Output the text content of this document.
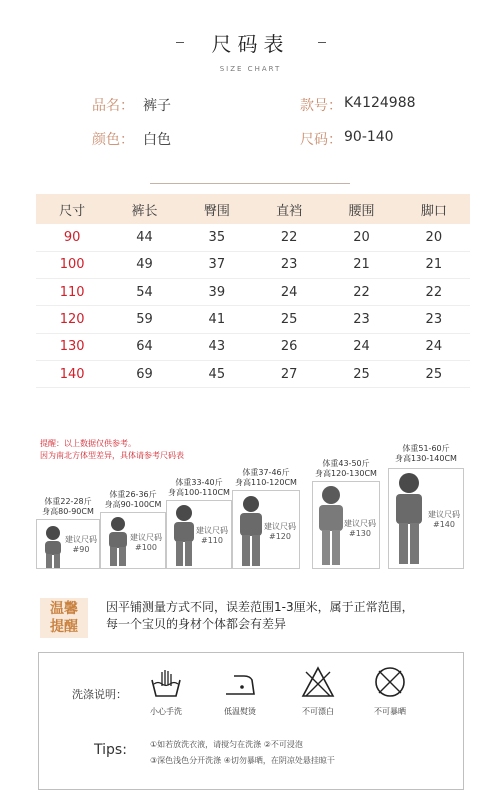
尺码表
SIZE CHART
品名： 裤子	款号： K4124988
颜色： 白色	尺码： 90-140
尺寸	裤长	臀围	直裆	腰围	脚口
90	44	35	22	20	20
100	49	37	23	21	21
110	54	39	24	22	22
120	59	41	25	23	23
130	64	43	26	24	24
140	69	45	27	25	25
提醒：以上数据仅供参考。
因为南北方体型差异，具体请参考尺码表
体重22-28斤
身高80-90CM
建议尺码
#90
体重26-36斤
身高90-100CM
建议尺码
#100
体重33-40斤
身高100-110CM
建议尺码
#110
体重37-46斤
身高110-120CM
建议尺码
#120
体重43-50斤
身高120-130CM
建议尺码
#130
体重51-60斤
身高130-140CM
建议尺码
#140
温馨
提醒
因平铺测量方式不同，误差范围1-3厘米，属于正常范围，
每一个宝贝的身材个体都会有差异
洗涤说明：
小心手洗	低温熨烫	不可漂白	不可暴晒
Tips:	①如若放洗衣液，请搅匀在洗涤 ②不可浸泡
③深色浅色分开洗涤 ④切勿暴晒，在阴凉处悬挂晾干
